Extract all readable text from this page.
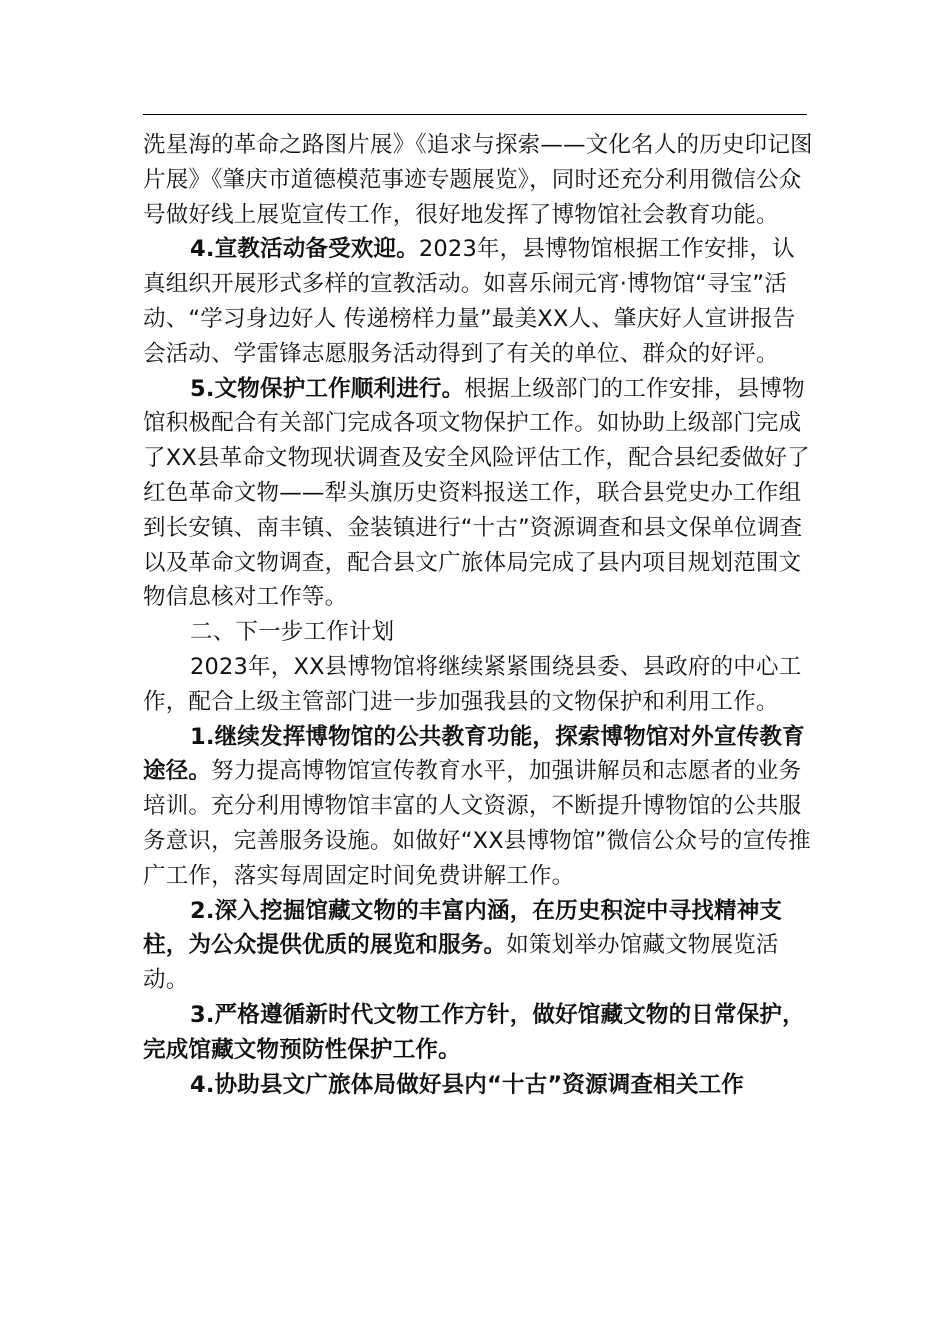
洗星海的革命之路图片展》《追求与探索——文化名人的历史印记图片展》《肇庆市道德模范事迹专题展览》，同时还充分利用微信公众号做好线上展览宣传工作，很好地发挥了博物馆社会教育功能。

4.宣教活动备受欢迎。2023年，县博物馆根据工作安排，认真组织开展形式多样的宣教活动。如喜乐闹元宵·博物馆“寻宝”活动、“学习身边好人 传递榜样力量”最美XX人、肇庆好人宣讲报告会活动、学雷锋志愿服务活动得到了有关的单位、群众的好评。

5.文物保护工作顺利进行。根据上级部门的工作安排，县博物馆积极配合有关部门完成各项文物保护工作。如协助上级部门完成了XX县革命文物现状调查及安全风险评估工作，配合县纪委做好了红色革命文物——犁头旗历史资料报送工作，联合县党史办工作组到长安镇、南丰镇、金装镇进行“十古”资源调查和县文保单位调查以及革命文物调查，配合县文广旅体局完成了县内项目规划范围文物信息核对工作等。

二、下一步工作计划

2023年，XX县博物馆将继续紧紧围绕县委、县政府的中心工作，配合上级主管部门进一步加强我县的文物保护和利用工作。

1.继续发挥博物馆的公共教育功能，探索博物馆对外宣传教育途径。努力提高博物馆宣传教育水平，加强讲解员和志愿者的业务培训。充分利用博物馆丰富的人文资源，不断提升博物馆的公共服务意识，完善服务设施。如做好“XX县博物馆”微信公众号的宣传推广工作，落实每周固定时间免费讲解工作。

2.深入挖掘馆藏文物的丰富内涵，在历史积淀中寻找精神支柱，为公众提供优质的展览和服务。如策划举办馆藏文物展览活动。

3.严格遵循新时代文物工作方针，做好馆藏文物的日常保护，完成馆藏文物预防性保护工作。

4.协助县文广旅体局做好县内“十古”资源调查相关工作
